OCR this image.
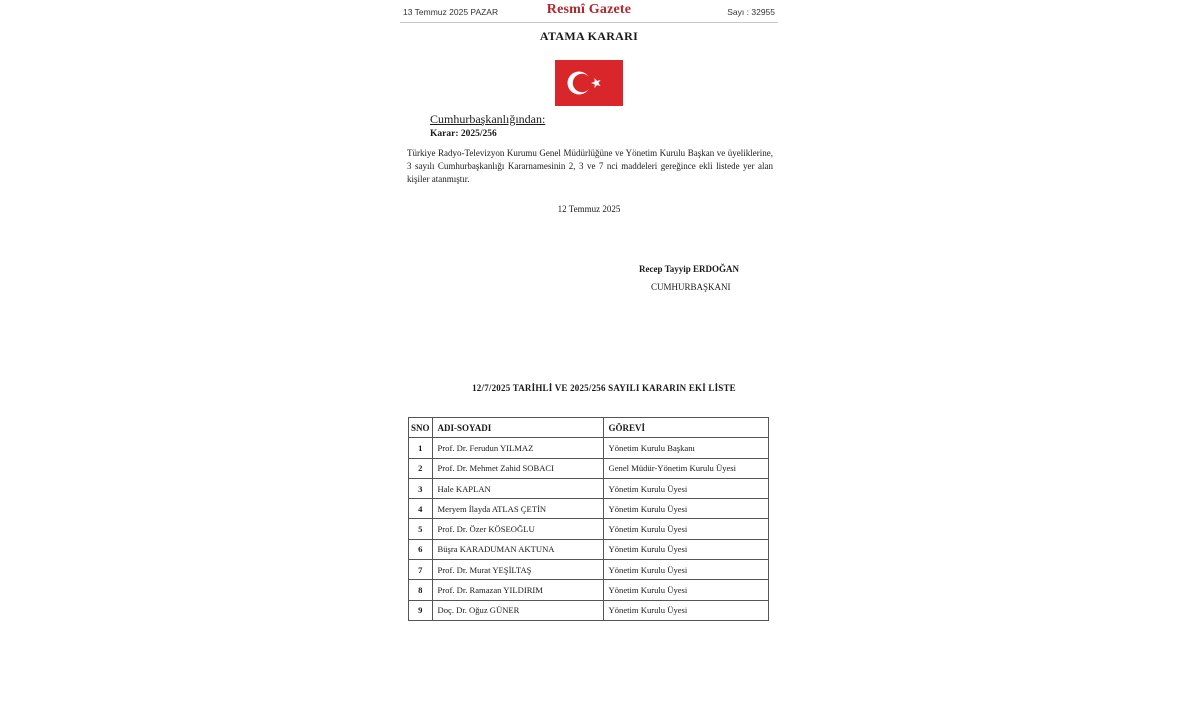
13 Temmuz 2025 PAZAR	Resmî Gazete	Sayı : 32955
ATAMA KARARI
Cumhurbaşkanlığından:
Karar: 2025/256
Türkiye Radyo-Televizyon Kurumu Genel Müdürlüğüne ve Yönetim Kurulu Başkan ve üyeliklerine, 3 sayılı Cumhurbaşkanlığı Kararnamesinin 2, 3 ve 7 nci maddeleri gereğince ekli listede yer alan kişiler atanmıştır.
12 Temmuz 2025
Recep Tayyip ERDOĞAN
CUMHURBAŞKANI
12/7/2025 TARİHLİ VE 2025/256 SAYILI KARARIN EKİ LİSTE
SNO	ADI-SOYADI	GÖREVİ
1	Prof. Dr. Ferudun YILMAZ	Yönetim Kurulu Başkanı
2	Prof. Dr. Mehmet Zahid SOBACI	Genel Müdür-Yönetim Kurulu Üyesi
3	Hale KAPLAN	Yönetim Kurulu Üyesi
4	Meryem İlayda ATLAS ÇETİN	Yönetim Kurulu Üyesi
5	Prof. Dr. Özer KÖSEOĞLU	Yönetim Kurulu Üyesi
6	Büşra KARADUMAN AKTUNA	Yönetim Kurulu Üyesi
7	Prof. Dr. Murat YEŞİLTAŞ	Yönetim Kurulu Üyesi
8	Prof. Dr. Ramazan YILDIRIM	Yönetim Kurulu Üyesi
9	Doç. Dr. Oğuz GÜNER	Yönetim Kurulu Üyesi
